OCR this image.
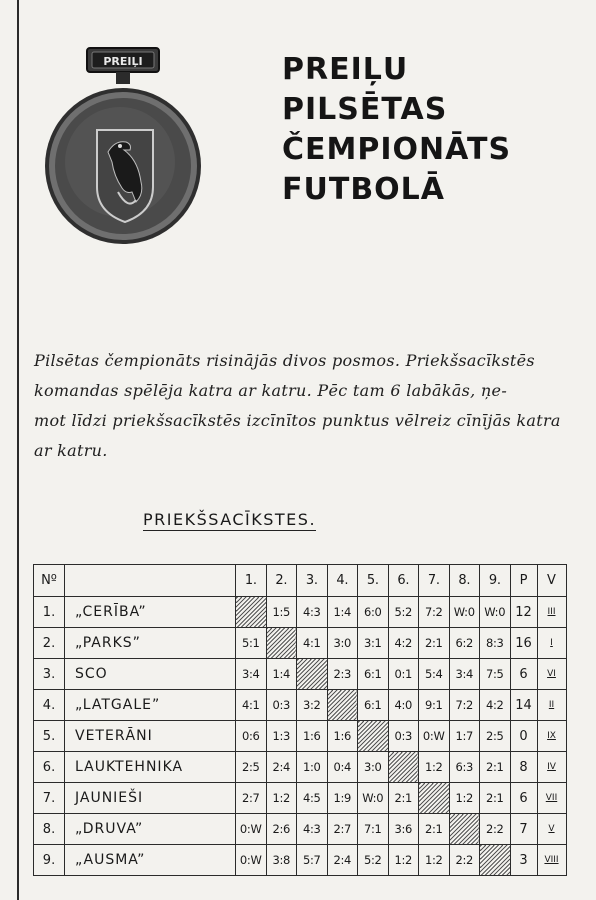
PREIĻI	PREIĻU
PILSĒTAS
ČEMPIONĀTS
FUTBOLĀ
Pilsētas čempionāts risinājās divos posmos. Priekšsacīkstēs
komandas spēlēja katra ar katru. Pēc tam 6 labākās, ņe-
mot līdzi priekšsacīkstēs izcīnītos punktus vēlreiz cīnījās katra
ar katru.
PRIEKŠSACĪKSTES.
Nº		1.	2.	3.	4.	5.	6.	7.	8.	9.	P	V
1.	„CERĪBA”		1:5	4:3	1:4	6:0	5:2	7:2	W:0	W:0	12	III
2.	„PARKS”	5:1		4:1	3:0	3:1	4:2	2:1	6:2	8:3	16	I
3.	SCO	3:4	1:4		2:3	6:1	0:1	5:4	3:4	7:5	6	VI
4.	„LATGALE”	4:1	0:3	3:2		6:1	4:0	9:1	7:2	4:2	14	II
5.	VETERĀNI	0:6	1:3	1:6	1:6		0:3	0:W	1:7	2:5	0	IX
6.	LAUKTEHNIKA	2:5	2:4	1:0	0:4	3:0		1:2	6:3	2:1	8	IV
7.	JAUNIEŠI	2:7	1:2	4:5	1:9	W:0	2:1		1:2	2:1	6	VII
8.	„DRUVA”	0:W	2:6	4:3	2:7	7:1	3:6	2:1		2:2	7	V
9.	„AUSMA”	0:W	3:8	5:7	2:4	5:2	1:2	1:2	2:2		3	VIII
